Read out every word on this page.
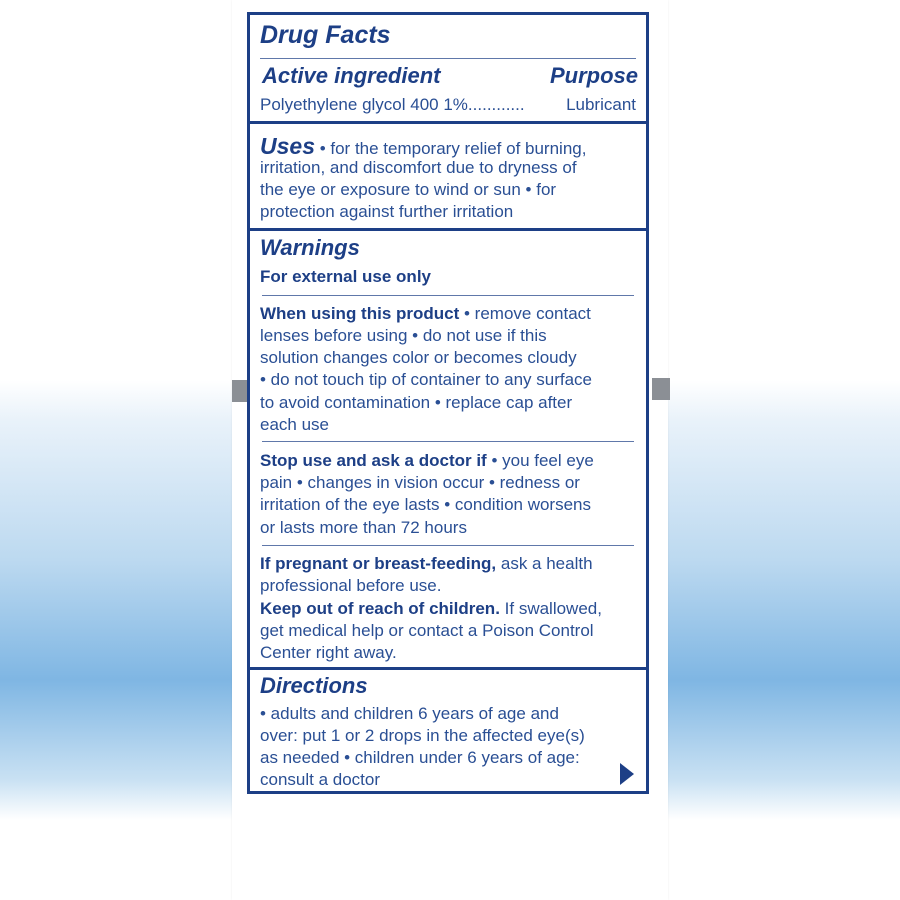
Drug Facts
Active ingredient	Purpose
Polyethylene glycol 400 1%............ Lubricant
Uses • for the temporary relief of burning,
irritation, and discomfort due to dryness of
the eye or exposure to wind or sun • for
protection against further irritation
Warnings
For external use only
When using this product • remove contact
lenses before using • do not use if this
solution changes color or becomes cloudy
• do not touch tip of container to any surface
to avoid contamination • replace cap after
each use
Stop use and ask a doctor if • you feel eye
pain • changes in vision occur • redness or
irritation of the eye lasts • condition worsens
or lasts more than 72 hours
If pregnant or breast-feeding, ask a health
professional before use.
Keep out of reach of children. If swallowed,
get medical help or contact a Poison Control
Center right away.
Directions
• adults and children 6 years of age and
over: put 1 or 2 drops in the affected eye(s)
as needed • children under 6 years of age:
consult a doctor
